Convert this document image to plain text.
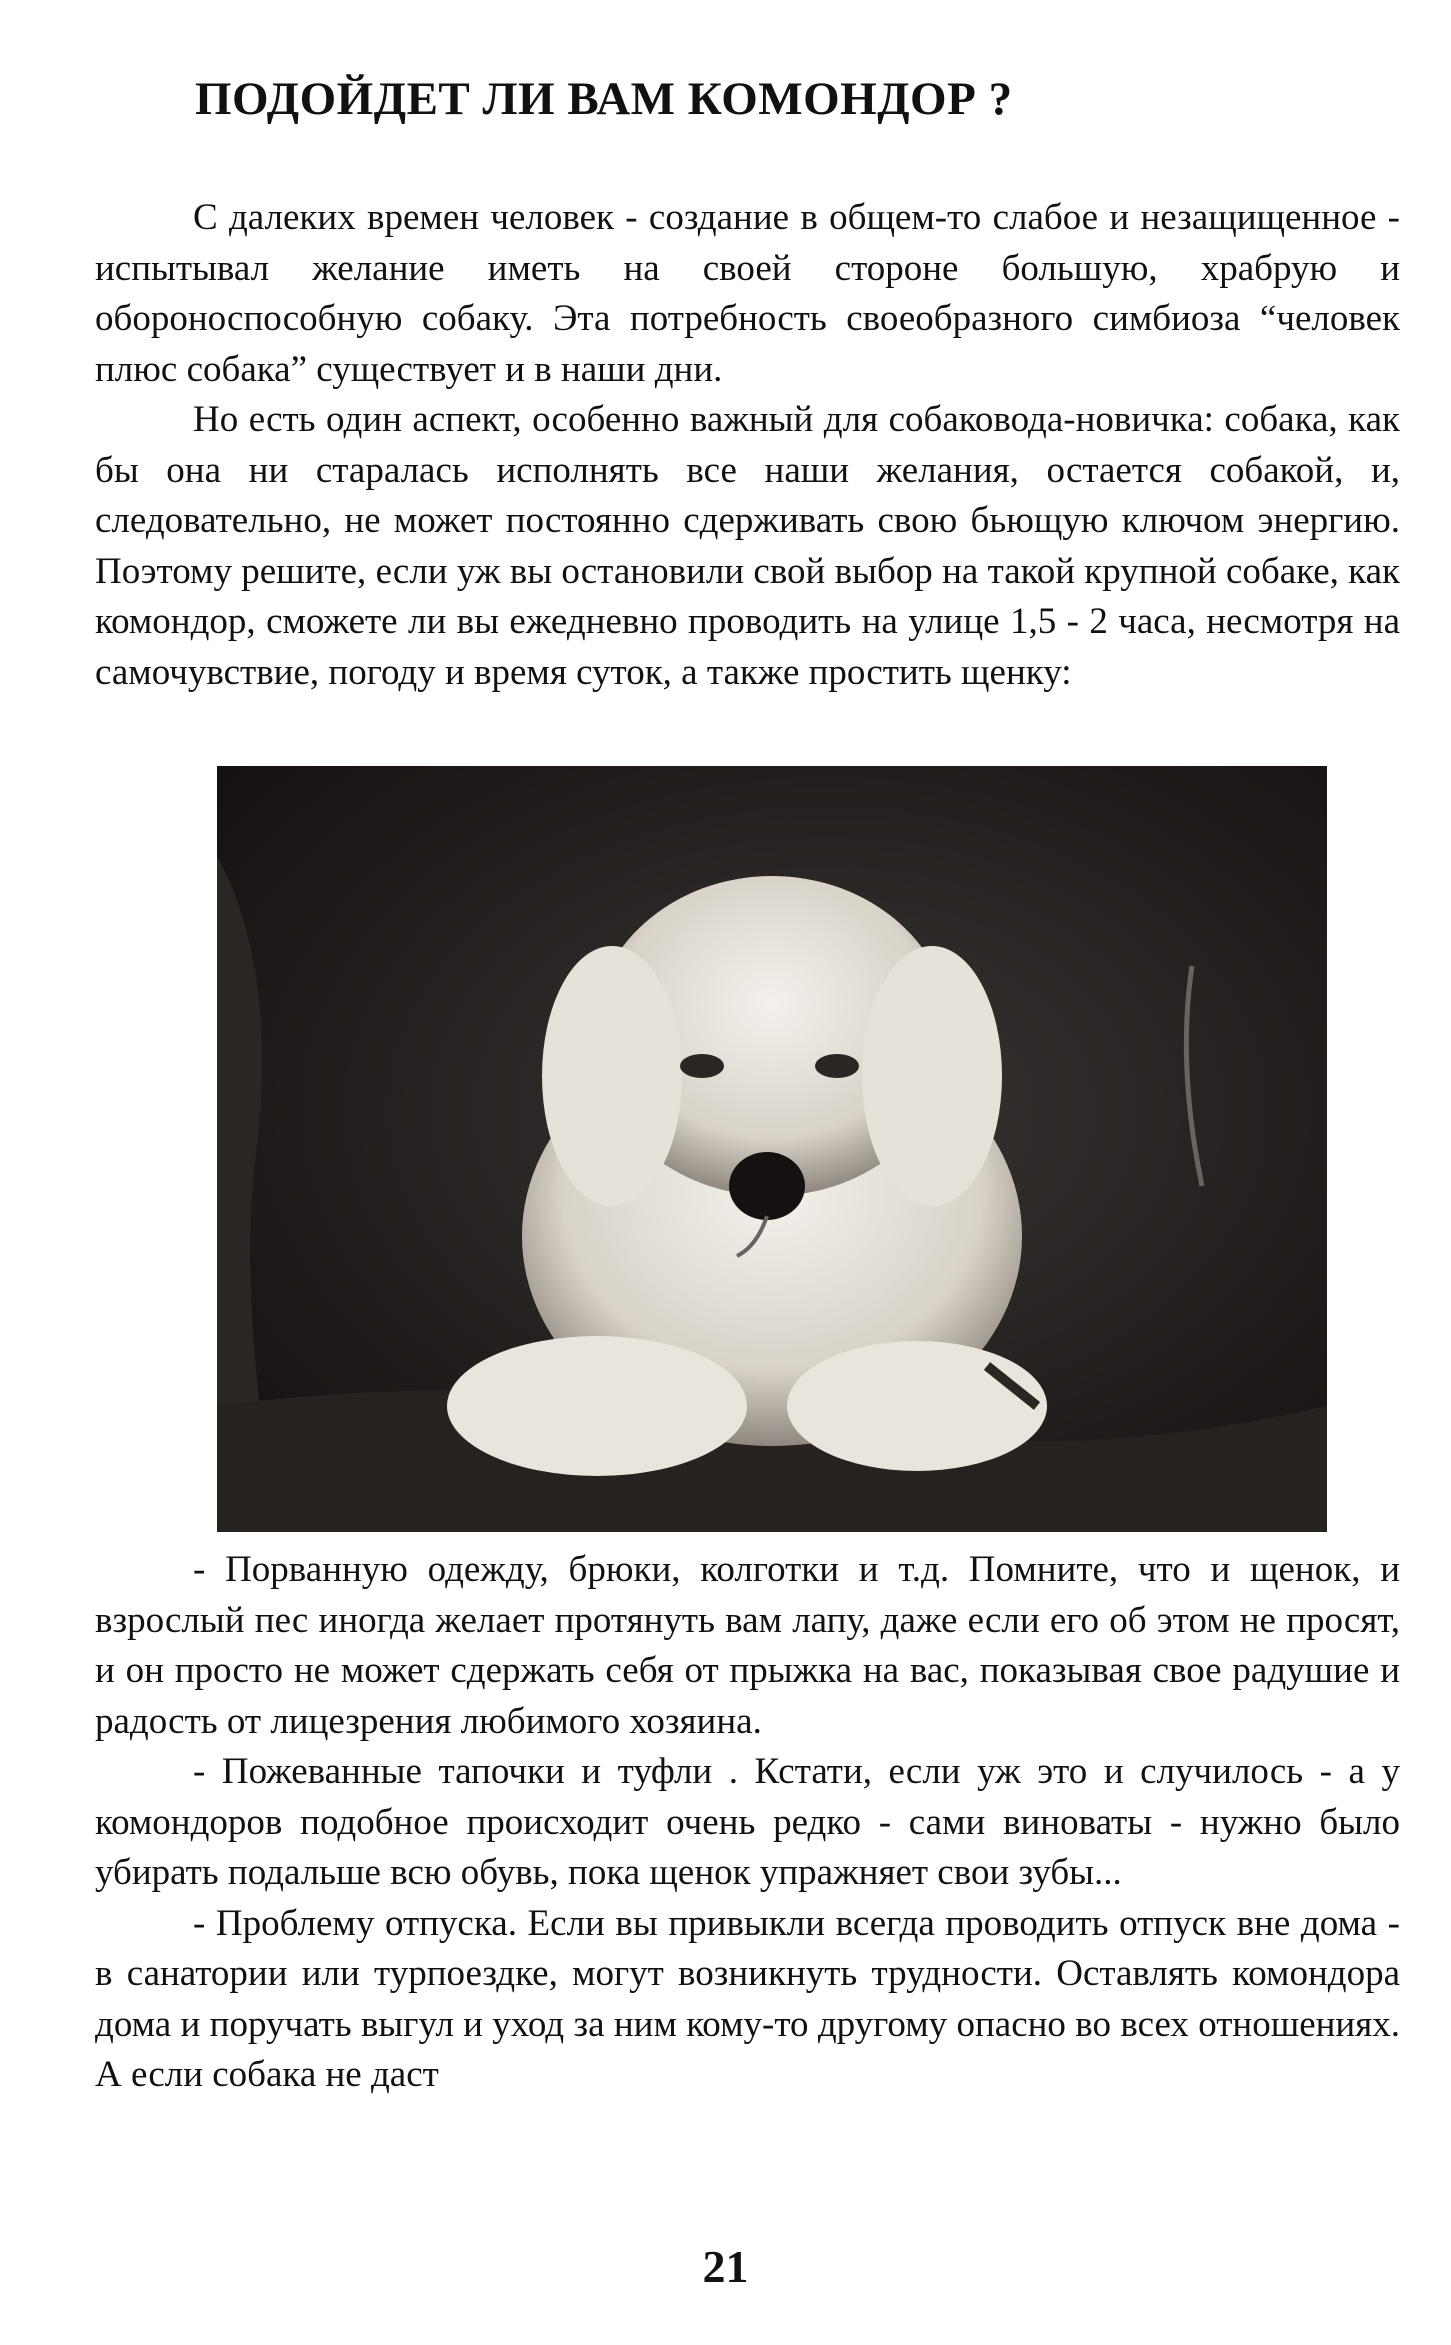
ПОДОЙДЕТ ЛИ ВАМ КОМОНДОР ?

С далеких времен человек - создание в общем-то слабое и незащищенное - испытывал желание иметь на своей стороне большую, храбрую и обороноспособную собаку. Эта потребность своеобразного симбиоза “человек плюс собака” существует и в наши дни.

Но есть один аспект, особенно важный для собаковода-новичка: собака, как бы она ни старалась исполнять все наши желания, остается собакой, и, следовательно, не может постоянно сдерживать свою бьющую ключом энергию. Поэтому решите, если уж вы остановили свой выбор на такой крупной собаке, как комондор, сможете ли вы ежедневно проводить на улице 1,5 - 2 часа, несмотря на самочувствие, погоду и время суток, а также простить щенку:

- Порванную одежду, брюки, колготки и т.д. Помните, что и щенок, и взрослый пес иногда желает протянуть вам лапу, даже если его об этом не просят, и он просто не может сдержать себя от прыжка на вас, показывая свое радушие и радость от лицезрения любимого хозяина.

- Пожеванные тапочки и туфли . Кстати, если уж это и случилось - а у комондоров подобное происходит очень редко - сами виноваты - нужно было убирать подальше всю обувь, пока щенок упражняет свои зубы...

- Проблему отпуска. Если вы привыкли всегда проводить отпуск вне дома - в санатории или турпоездке, могут возникнуть трудности. Оставлять комондора дома и поручать выгул и уход за ним кому-то другому опасно во всех отношениях. А если собака не даст

21
